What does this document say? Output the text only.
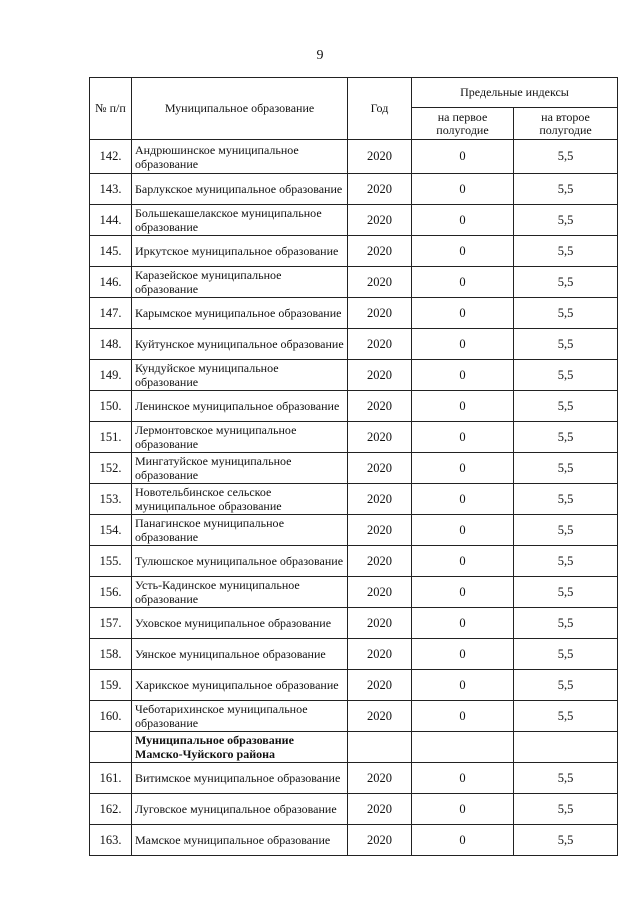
9
№ п/п	Муниципальное образование	Год	Предельные индексы	
			на первое полугодие	на второе полугодие
142.	Андрюшинское муниципальное образование	2020	0	5,5
143.	Барлукское муниципальное образование	2020	0	5,5
144.	Большекашелакское муниципальное образование	2020	0	5,5
145.	Иркутское муниципальное образование	2020	0	5,5
146.	Каразейское муниципальное образование	2020	0	5,5
147.	Карымское муниципальное образование	2020	0	5,5
148.	Куйтунское муниципальное образование	2020	0	5,5
149.	Кундуйское муниципальное образование	2020	0	5,5
150.	Ленинское муниципальное образование	2020	0	5,5
151.	Лермонтовское муниципальное образование	2020	0	5,5
152.	Мингатуйское муниципальное образование	2020	0	5,5
153.	Новотельбинское сельское муниципальное образование	2020	0	5,5
154.	Панагинское муниципальное образование	2020	0	5,5
155.	Тулюшское муниципальное образование	2020	0	5,5
156.	Усть-Кадинское муниципальное образование	2020	0	5,5
157.	Уховское муниципальное образование	2020	0	5,5
158.	Уянское муниципальное образование	2020	0	5,5
159.	Харикское муниципальное образование	2020	0	5,5
160.	Чеботарихинское муниципальное образование	2020	0	5,5
	Муниципальное образование Мамско-Чуйского района			
161.	Витимское муниципальное образование	2020	0	5,5
162.	Луговское муниципальное образование	2020	0	5,5
163.	Мамское муниципальное образование	2020	0	5,5
